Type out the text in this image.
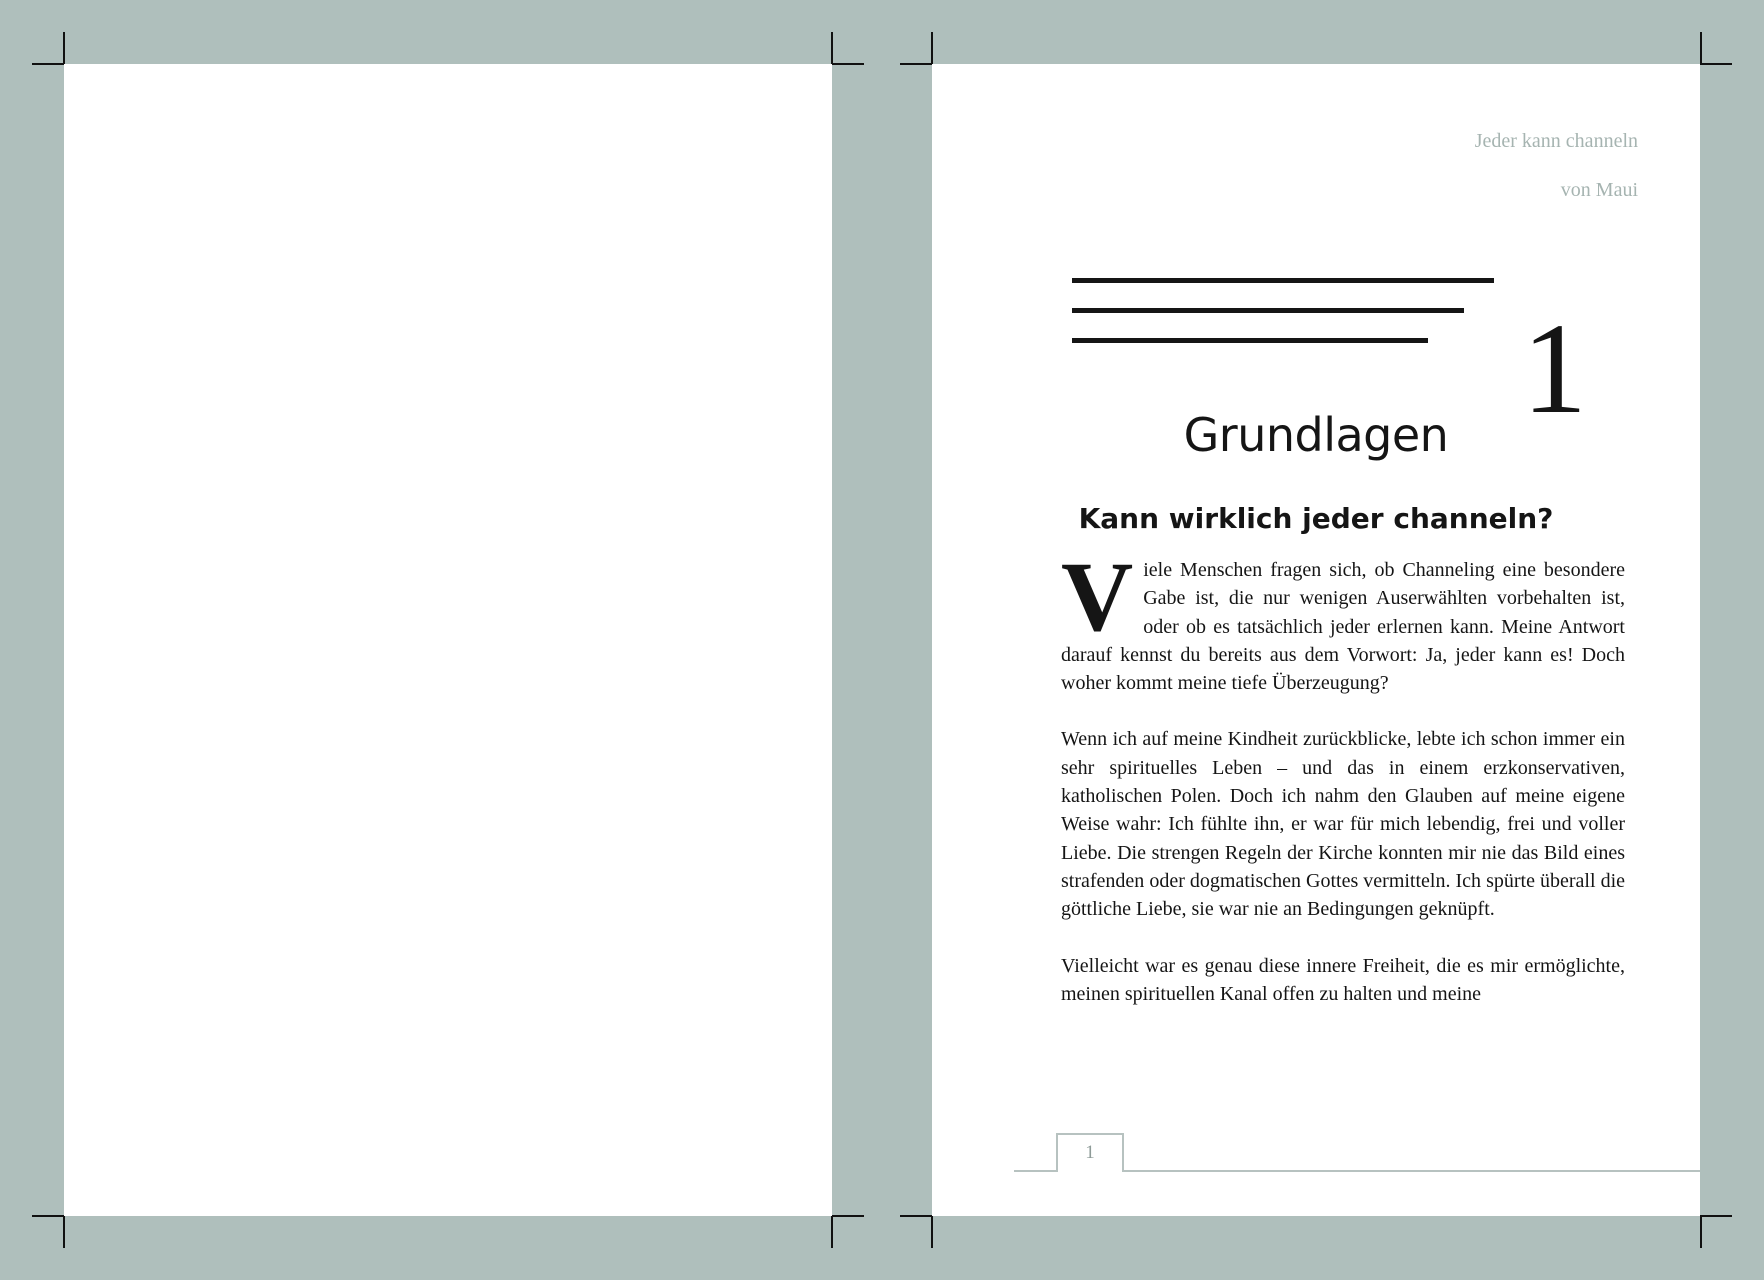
Jeder kann channeln
von Maui
1
Grundlagen
Kann wirklich jeder channeln?

Viele Menschen fragen sich, ob Channeling eine besondere Gabe ist, die nur wenigen Auserwählten vorbehalten ist, oder ob es tatsächlich jeder erlernen kann. Meine Antwort darauf kennst du bereits aus dem Vorwort: Ja, jeder kann es! Doch woher kommt meine tiefe Überzeugung?

Wenn ich auf meine Kindheit zurückblicke, lebte ich schon immer ein sehr spirituelles Leben – und das in einem erzkonservativen, katholischen Polen. Doch ich nahm den Glauben auf meine eigene Weise wahr: Ich fühlte ihn, er war für mich lebendig, frei und voller Liebe. Die strengen Regeln der Kirche konnten mir nie das Bild eines strafenden oder dogmatischen Gottes vermitteln. Ich spürte überall die göttliche Liebe, sie war nie an Bedingungen geknüpft.

Vielleicht war es genau diese innere Freiheit, die es mir ermöglichte, meinen spirituellen Kanal offen zu halten und meine

1
